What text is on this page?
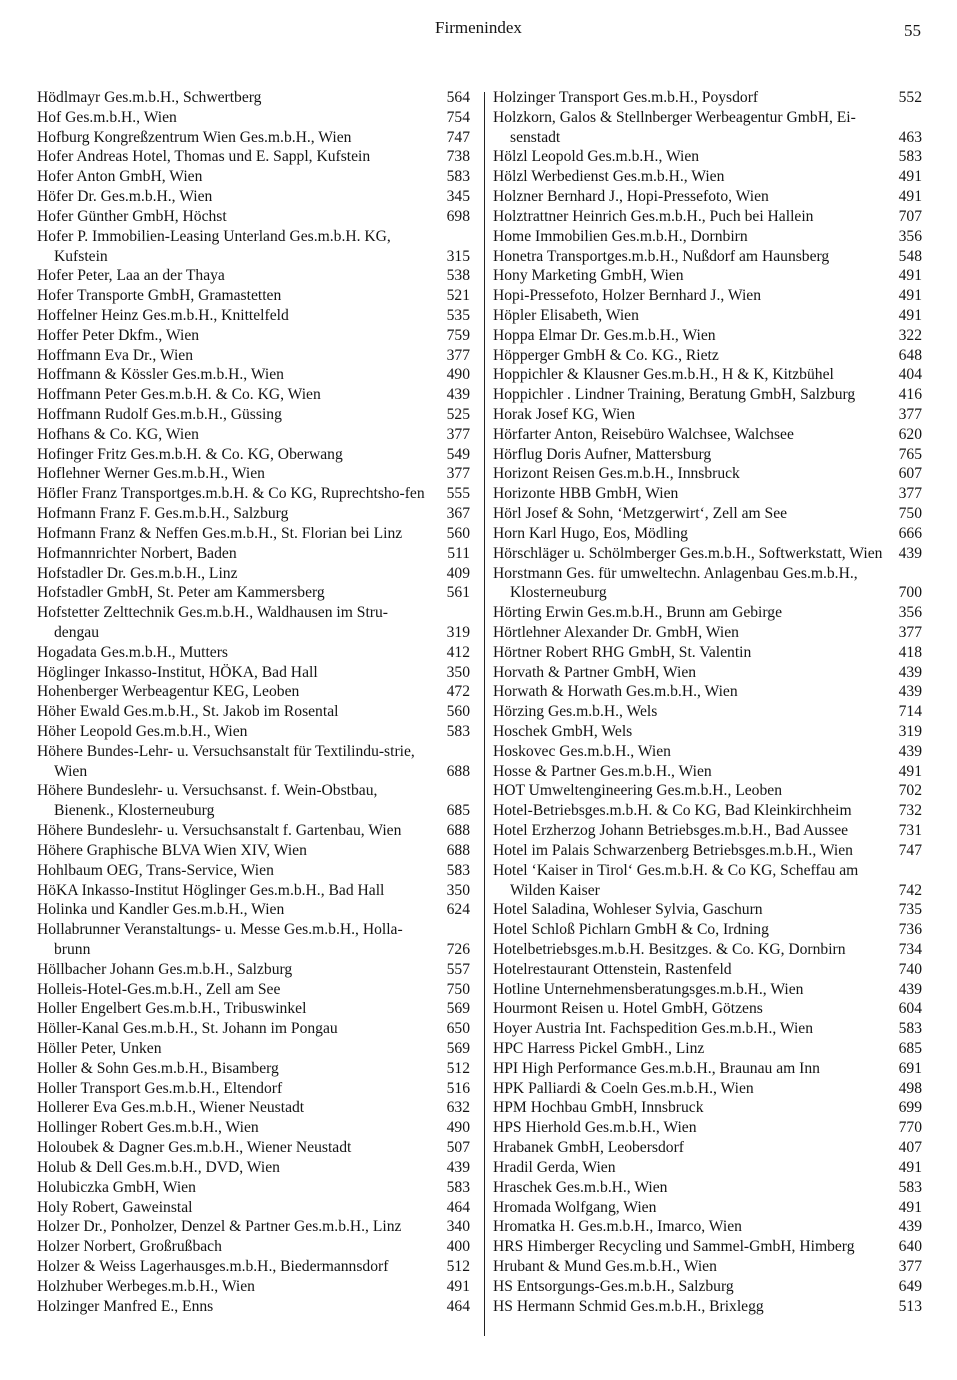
Firmenindex	55
Hödlmayr Ges.m.b.H., Schwertberg	564
Hof Ges.m.b.H., Wien	754
Hofburg Kongreßzentrum Wien Ges.m.b.H., Wien	747
Hofer Andreas Hotel, Thomas und E. Sappl, Kufstein	738
Hofer Anton GmbH, Wien	583
Höfer Dr. Ges.m.b.H., Wien	345
Hofer Günther GmbH, Höchst	698
Hofer P. Immobilien-Leasing Unterland Ges.m.b.H. KG, Kufstein	315
Hofer Peter, Laa an der Thaya	538
Hofer Transporte GmbH, Gramastetten	521
Hoffelner Heinz Ges.m.b.H., Knittelfeld	535
Hoffer Peter Dkfm., Wien	759
Hoffmann Eva Dr., Wien	377
Hoffmann & Kössler Ges.m.b.H., Wien	490
Hoffmann Peter Ges.m.b.H. & Co. KG, Wien	439
Hoffmann Rudolf Ges.m.b.H., Güssing	525
Hofhans & Co. KG, Wien	377
Hofinger Fritz Ges.m.b.H. & Co. KG, Oberwang	549
Hoflehner Werner Ges.m.b.H., Wien	377
Höfler Franz Transportges.m.b.H. & Co KG, Ruprechtsho-fen	555
Hofmann Franz F. Ges.m.b.H., Salzburg	367
Hofmann Franz & Neffen Ges.m.b.H., St. Florian bei Linz	560
Hofmannrichter Norbert, Baden	511
Hofstadler Dr. Ges.m.b.H., Linz	409
Hofstadler GmbH, St. Peter am Kammersberg	561
Hofstetter Zelttechnik Ges.m.b.H., Waldhausen im Stru-dengau	319
Hogadata Ges.m.b.H., Mutters	412
Höglinger Inkasso-Institut, HÖKA, Bad Hall	350
Hohenberger Werbeagentur KEG, Leoben	472
Höher Ewald Ges.m.b.H., St. Jakob im Rosental	560
Höher Leopold Ges.m.b.H., Wien	583
Höhere Bundes-Lehr- u. Versuchsanstalt für Textilindu-strie, Wien	688
Höhere Bundeslehr- u. Versuchsanst. f. Wein-Obstbau, Bienenk., Klosterneuburg	685
Höhere Bundeslehr- u. Versuchsanstalt f. Gartenbau, Wien	688
Höhere Graphische BLVA Wien XIV, Wien	688
Hohlbaum OEG, Trans-Service, Wien	583
HöKA Inkasso-Institut Höglinger Ges.m.b.H., Bad Hall	350
Holinka und Kandler Ges.m.b.H., Wien	624
Hollabrunner Veranstaltungs- u. Messe Ges.m.b.H., Holla-brunn	726
Höllbacher Johann Ges.m.b.H., Salzburg	557
Holleis-Hotel-Ges.m.b.H., Zell am See	750
Holler Engelbert Ges.m.b.H., Tribuswinkel	569
Höller-Kanal Ges.m.b.H., St. Johann im Pongau	650
Höller Peter, Unken	569
Holler & Sohn Ges.m.b.H., Bisamberg	512
Holler Transport Ges.m.b.H., Eltendorf	516
Hollerer Eva Ges.m.b.H., Wiener Neustadt	632
Hollinger Robert Ges.m.b.H., Wien	490
Holoubek & Dagner Ges.m.b.H., Wiener Neustadt	507
Holub & Dell Ges.m.b.H., DVD, Wien	439
Holubiczka GmbH, Wien	583
Holy Robert, Gaweinstal	464
Holzer Dr., Ponholzer, Denzel & Partner Ges.m.b.H., Linz	340
Holzer Norbert, Großrußbach	400
Holzer & Weiss Lagerhausges.m.b.H., Biedermannsdorf	512
Holzhuber Werbeges.m.b.H., Wien	491
Holzinger Manfred E., Enns	464
Holzinger Transport Ges.m.b.H., Poysdorf	552
Holzkorn, Galos & Stellnberger Werbeagentur GmbH, Ei-senstadt	463
Hölzl Leopold Ges.m.b.H., Wien	583
Hölzl Werbedienst Ges.m.b.H., Wien	491
Holzner Bernhard J., Hopi-Pressefoto, Wien	491
Holztrattner Heinrich Ges.m.b.H., Puch bei Hallein	707
Home Immobilien Ges.m.b.H., Dornbirn	356
Honetra Transportges.m.b.H., Nußdorf am Haunsberg	548
Hony Marketing GmbH, Wien	491
Hopi-Pressefoto, Holzer Bernhard J., Wien	491
Höpler Elisabeth, Wien	491
Hoppa Elmar Dr. Ges.m.b.H., Wien	322
Höpperger GmbH & Co. KG., Rietz	648
Hoppichler & Klausner Ges.m.b.H., H & K, Kitzbühel	404
Hoppichler . Lindner Training, Beratung GmbH, Salzburg	416
Horak Josef KG, Wien	377
Hörfarter Anton, Reisebüro Walchsee, Walchsee	620
Hörflug Doris Aufner, Mattersburg	765
Horizont Reisen Ges.m.b.H., Innsbruck	607
Horizonte HBB GmbH, Wien	377
Hörl Josef & Sohn, ‘Metzgerwirt‘, Zell am See	750
Horn Karl Hugo, Eos, Mödling	666
Hörschläger u. Schölmberger Ges.m.b.H., Softwerkstatt, Wien	439
Horstmann Ges. für umweltechn. Anlagenbau Ges.m.b.H., Klosterneuburg	700
Hörting Erwin Ges.m.b.H., Brunn am Gebirge	356
Hörtlehner Alexander Dr. GmbH, Wien	377
Hörtner Robert RHG GmbH, St. Valentin	418
Horvath & Partner GmbH, Wien	439
Horwath & Horwath Ges.m.b.H., Wien	439
Hörzing Ges.m.b.H., Wels	714
Hoschek GmbH, Wels	319
Hoskovec Ges.m.b.H., Wien	439
Hosse & Partner Ges.m.b.H., Wien	491
HOT Umweltengineering Ges.m.b.H., Leoben	702
Hotel-Betriebsges.m.b.H. & Co KG, Bad Kleinkirchheim	732
Hotel Erzherzog Johann Betriebsges.m.b.H., Bad Aussee	731
Hotel im Palais Schwarzenberg Betriebsges.m.b.H., Wien	747
Hotel ‘Kaiser in Tirol‘ Ges.m.b.H. & Co KG, Scheffau am Wilden Kaiser	742
Hotel Saladina, Wohleser Sylvia, Gaschurn	735
Hotel Schloß Pichlarn GmbH & Co, Irdning	736
Hotelbetriebsges.m.b.H. Besitzges. & Co. KG, Dornbirn	734
Hotelrestaurant Ottenstein, Rastenfeld	740
Hotline Unternehmensberatungsges.m.b.H., Wien	439
Hourmont Reisen u. Hotel GmbH, Götzens	604
Hoyer Austria Int. Fachspedition Ges.m.b.H., Wien	583
HPC Harress Pickel GmbH., Linz	685
HPI High Performance Ges.m.b.H., Braunau am Inn	691
HPK Palliardi & Coeln Ges.m.b.H., Wien	498
HPM Hochbau GmbH, Innsbruck	699
HPS Hierhold Ges.m.b.H., Wien	770
Hrabanek GmbH, Leobersdorf	407
Hradil Gerda, Wien	491
Hraschek Ges.m.b.H., Wien	583
Hromada Wolfgang, Wien	491
Hromatka H. Ges.m.b.H., Imarco, Wien	439
HRS Himberger Recycling und Sammel-GmbH, Himberg	640
Hrubant & Mund Ges.m.b.H., Wien	377
HS Entsorgungs-Ges.m.b.H., Salzburg	649
HS Hermann Schmid Ges.m.b.H., Brixlegg	513
